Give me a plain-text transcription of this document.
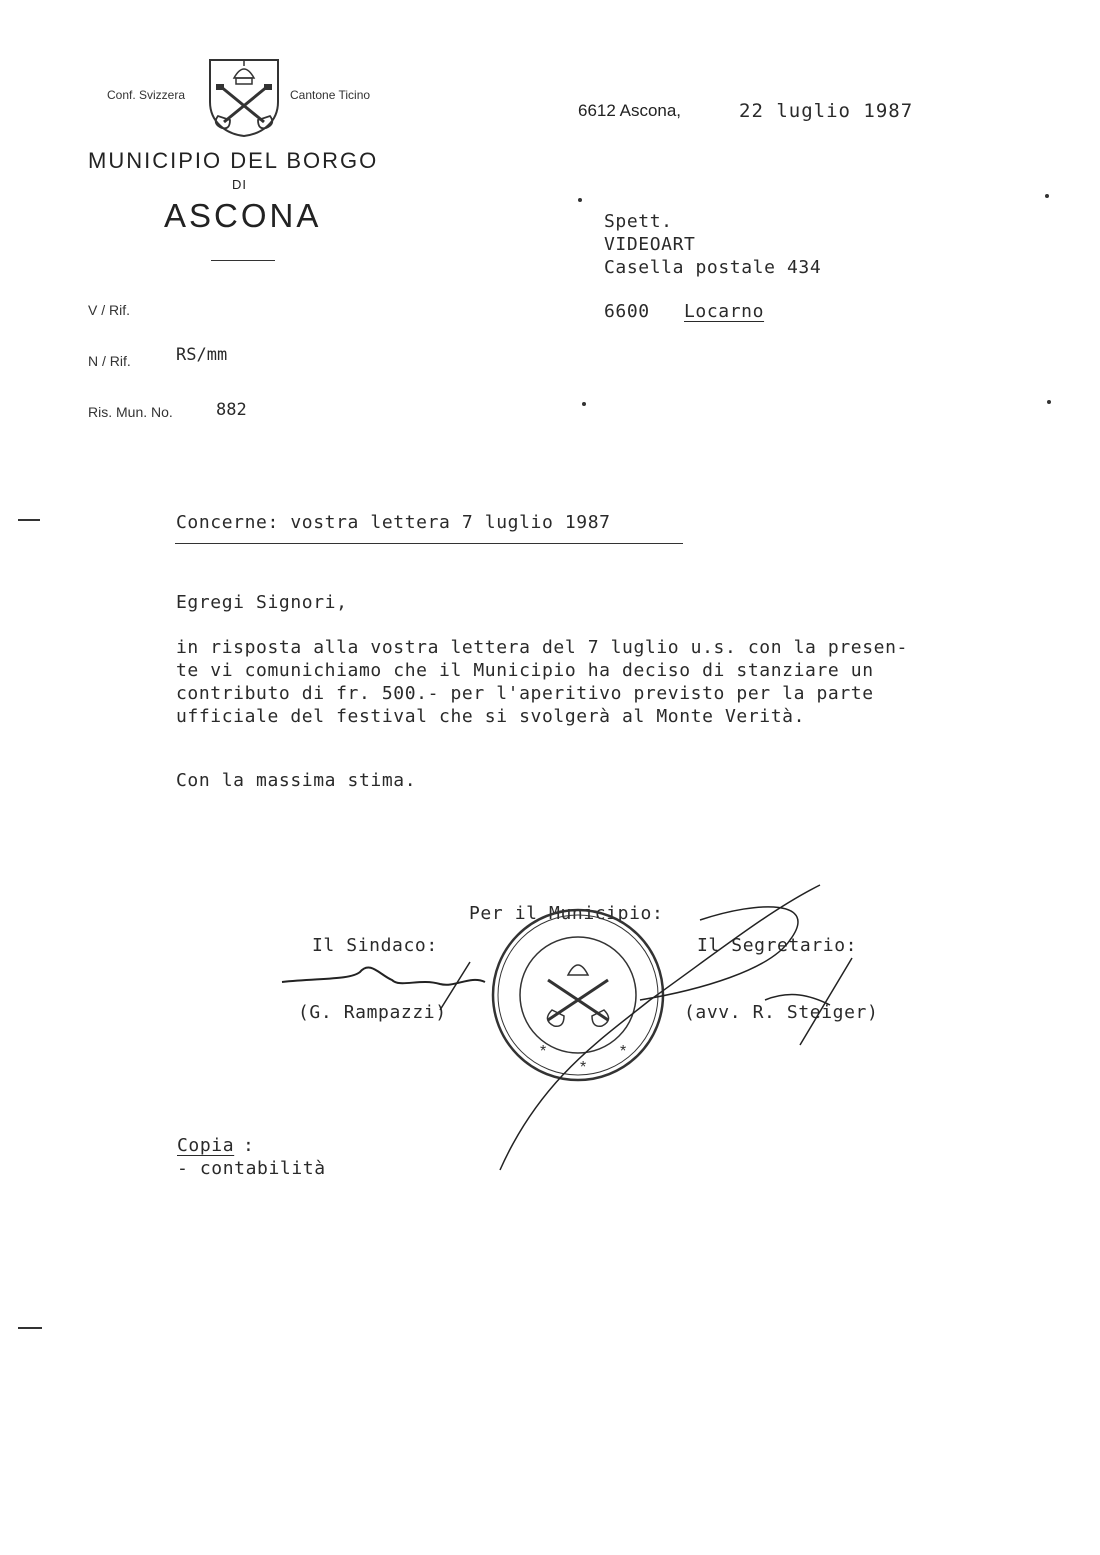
Conf. Svizzera	Cantone Ticino
MUNICIPIO DEL BORGO
DI
ASCONA
6612 Ascona,	22 luglio 1987
Spett.
VIDEOART
Casella postale 434
6600 Locarno
V / Rif.
N / Rif.	RS/mm
Ris. Mun. No.	882
Concerne: vostra lettera 7 luglio 1987
Egregi Signori,
in risposta alla vostra lettera del 7 luglio u.s. con la presen-
te vi comunichiamo che il Municipio ha deciso di stanziare un
contributo di fr. 500.- per l'aperitivo previsto per la parte
ufficiale del festival che si svolgerà al Monte Verità.
Con la massima stima.
Per il Municipio:
Il Sindaco:
(G. Rampazzi)
Il Segretario:
(avv. R. Steiger)
*
*
*
Copia :
- contabilità
